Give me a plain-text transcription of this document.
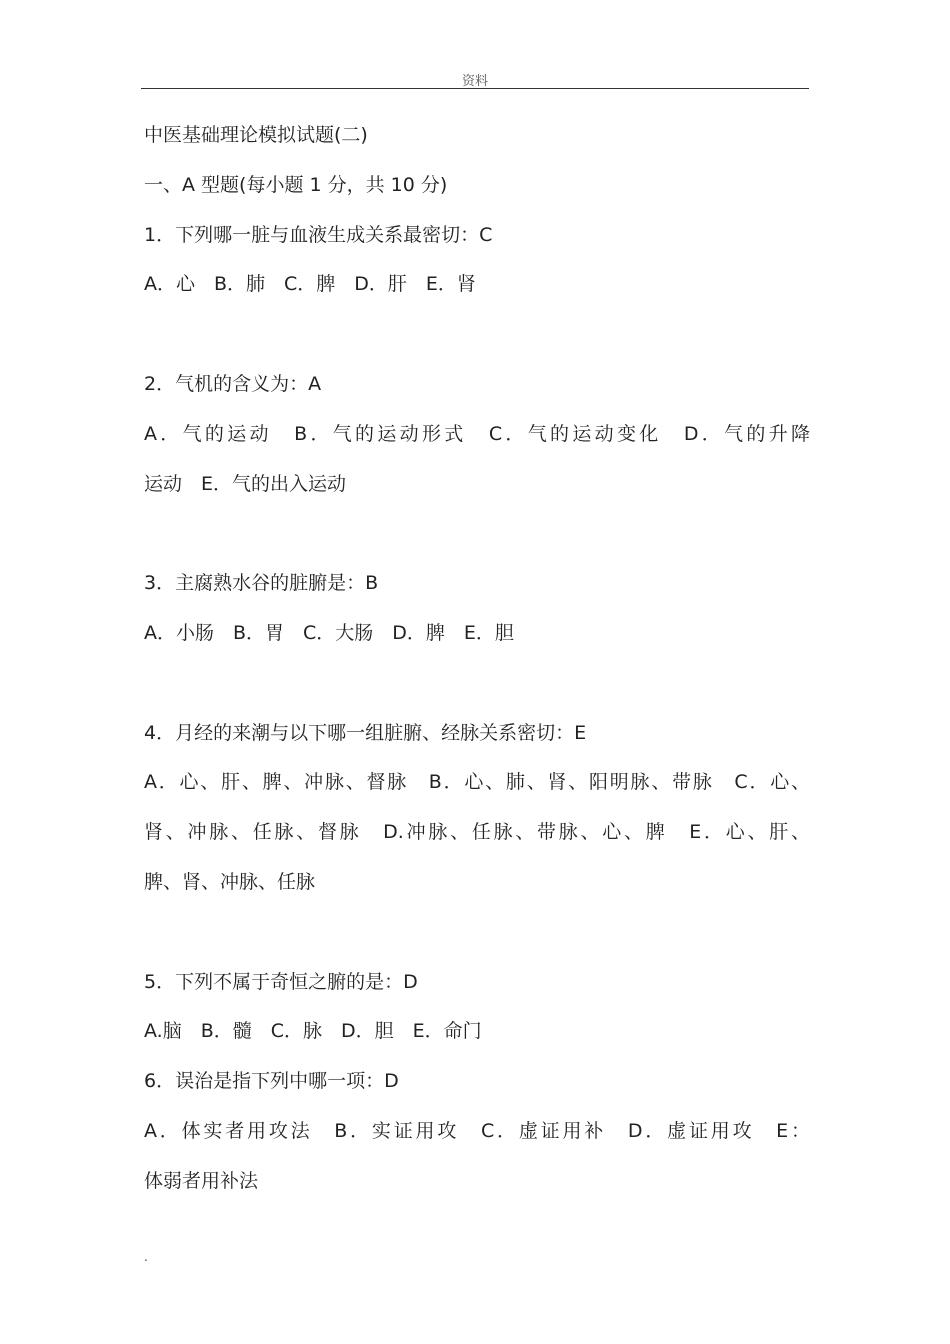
资料
中医基础理论模拟试题(二)
一、A 型题(每小题 1 分，共 10 分)
1．下列哪一脏与血液生成关系最密切：C
A．心　B．肺　C．脾　D．肝　E．肾
2．气机的含义为：A
A．气的运动　B．气的运动形式　C．气的运动变化　D．气的升降
运动　E．气的出入运动
3．主腐熟水谷的脏腑是：B
A．小肠　B．胃　C．大肠　D．脾　E．胆
4．月经的来潮与以下哪一组脏腑、经脉关系密切：E
A．心、肝、脾、冲脉、督脉　B．心、肺、肾、阳明脉、带脉　C．心、
肾、冲脉、任脉、督脉　D.冲脉、任脉、带脉、心、脾　E．心、肝、
脾、肾、冲脉、任脉
5．下列不属于奇恒之腑的是：D
A.脑　B．髓　C．脉　D．胆　E．命门
6．误治是指下列中哪一项：D
A．体实者用攻法　B．实证用攻　C．虚证用补　D．虚证用攻　E：
体弱者用补法
.
